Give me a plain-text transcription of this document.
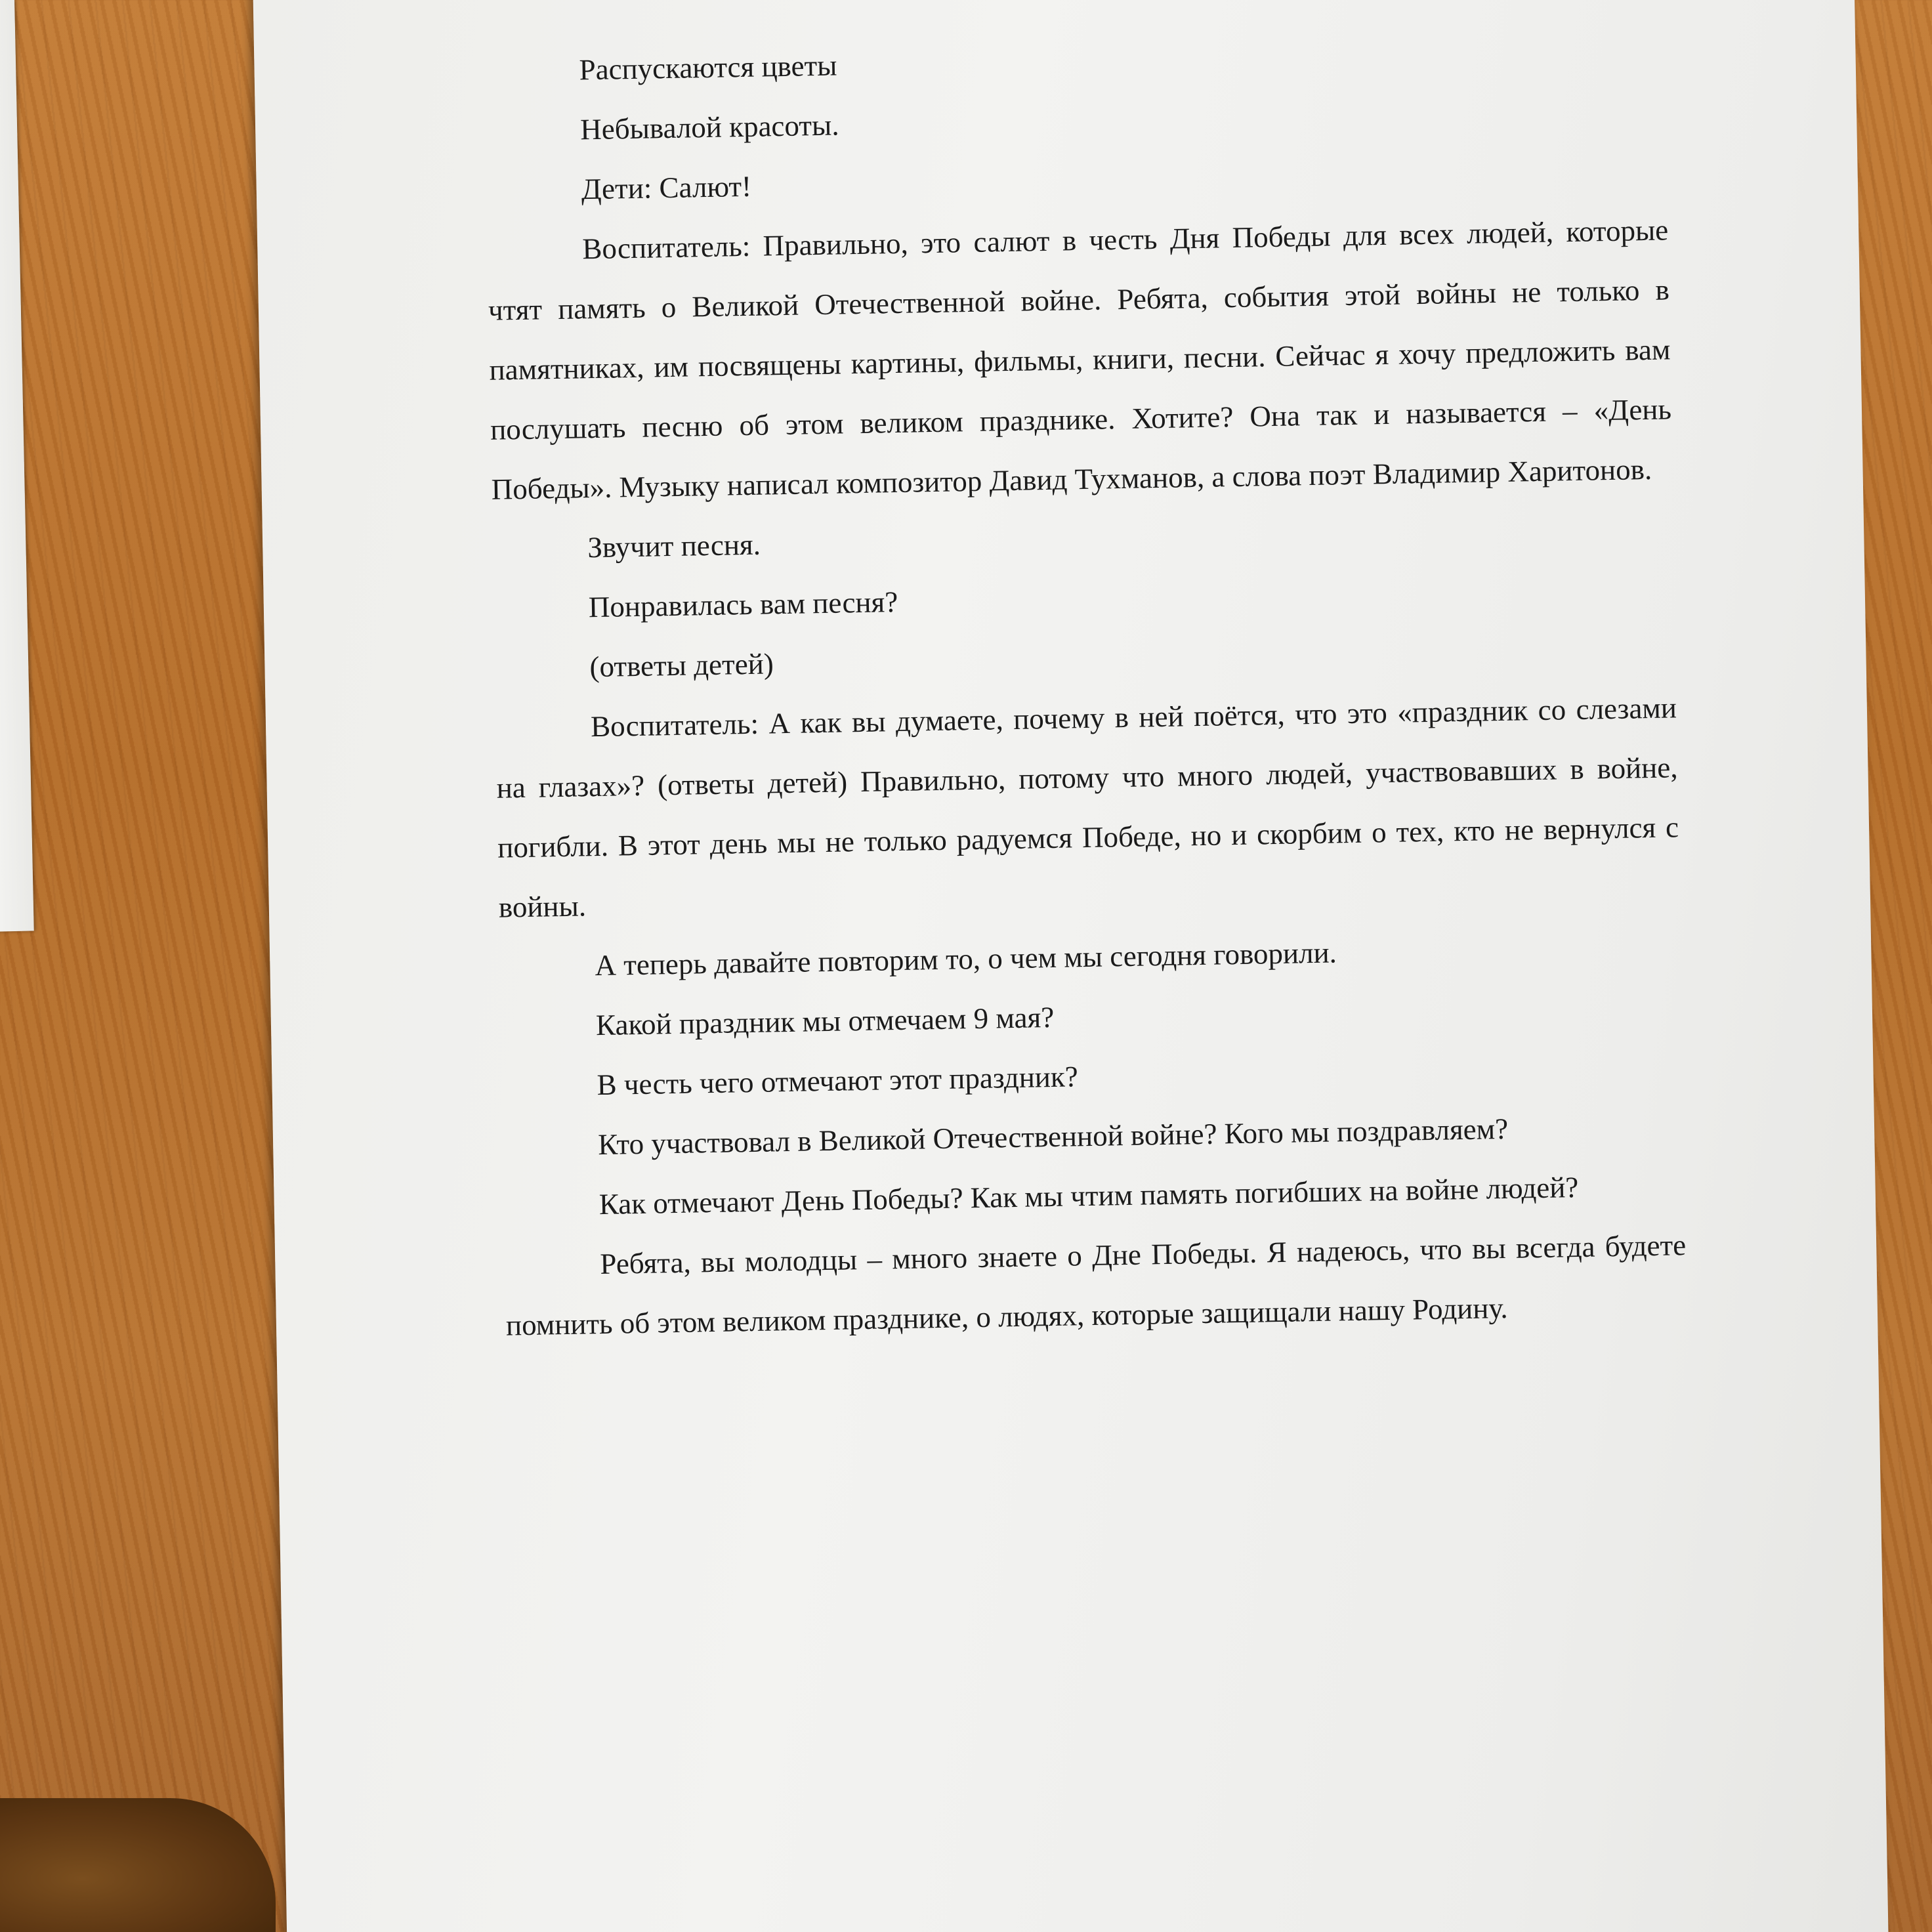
Распускаются цветы

Небывалой красоты.

Дети: Салют!

Воспитатель: Правильно, это салют в честь Дня Победы для всех людей, которые чтят память о Великой Отечественной войне. Ребята, события этой войны не только в памятниках, им посвящены картины, фильмы, книги, песни. Сейчас я хочу предложить вам послушать песню об этом великом празднике. Хотите? Она так и называется – «День Победы». Музыку написал композитор Давид Тухманов, а слова поэт Владимир Харитонов.

Звучит песня.

Понравилась вам песня?

(ответы детей)

Воспитатель: А как вы думаете, почему в ней поётся, что это «праздник со слезами на глазах»? (ответы детей) Правильно, потому что много людей, участвовавших в войне, погибли. В этот день мы не только радуемся Победе, но и скорбим о тех, кто не вернулся с войны.

А теперь давайте повторим то, о чем мы сегодня говорили.

Какой праздник мы отмечаем 9 мая?

В честь чего отмечают этот праздник?

Кто участвовал в Великой Отечественной войне? Кого мы поздравляем?

Как отмечают День Победы? Как мы чтим память погибших на войне людей?

Ребята, вы молодцы – много знаете о Дне Победы. Я надеюсь, что вы всегда будете помнить об этом великом празднике, о людях, которые защищали нашу Родину.
